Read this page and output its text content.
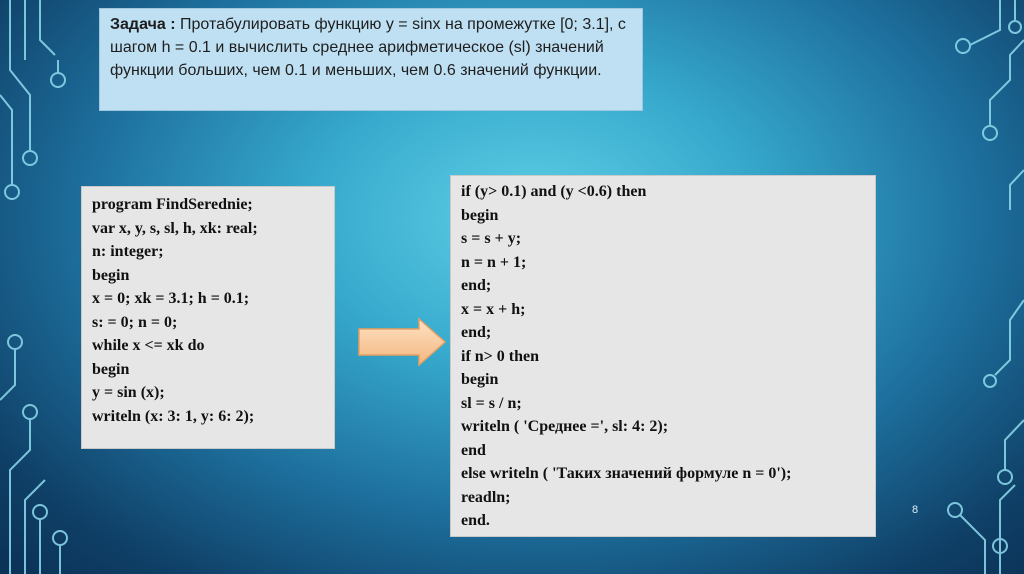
Задача : Протабулировать функцию y = sinx на промежутке [0; 3.1], с шагом h = 0.1 и вычислить среднее арифметическое (sl) значений функции больших, чем 0.1 и меньших, чем 0.6 значений функции.
program FindSerednie;
var x, y, s, sl, h, xk: real;
n: integer;
begin
x = 0; xk = 3.1; h = 0.1;
s: = 0; n = 0;
while x <= xk do
begin
y = sin (x);
writeln (x: 3: 1, y: 6: 2);
if (y> 0.1) and (y <0.6) then
begin
s = s + y;
n = n + 1;
end;
x = x + h;
end;
if n> 0 then
begin
sl = s / n;
writeln ( 'Среднее =', sl: 4: 2);
end
else writeln ( 'Таких значений формуле n = 0');
readln;
end.
8
